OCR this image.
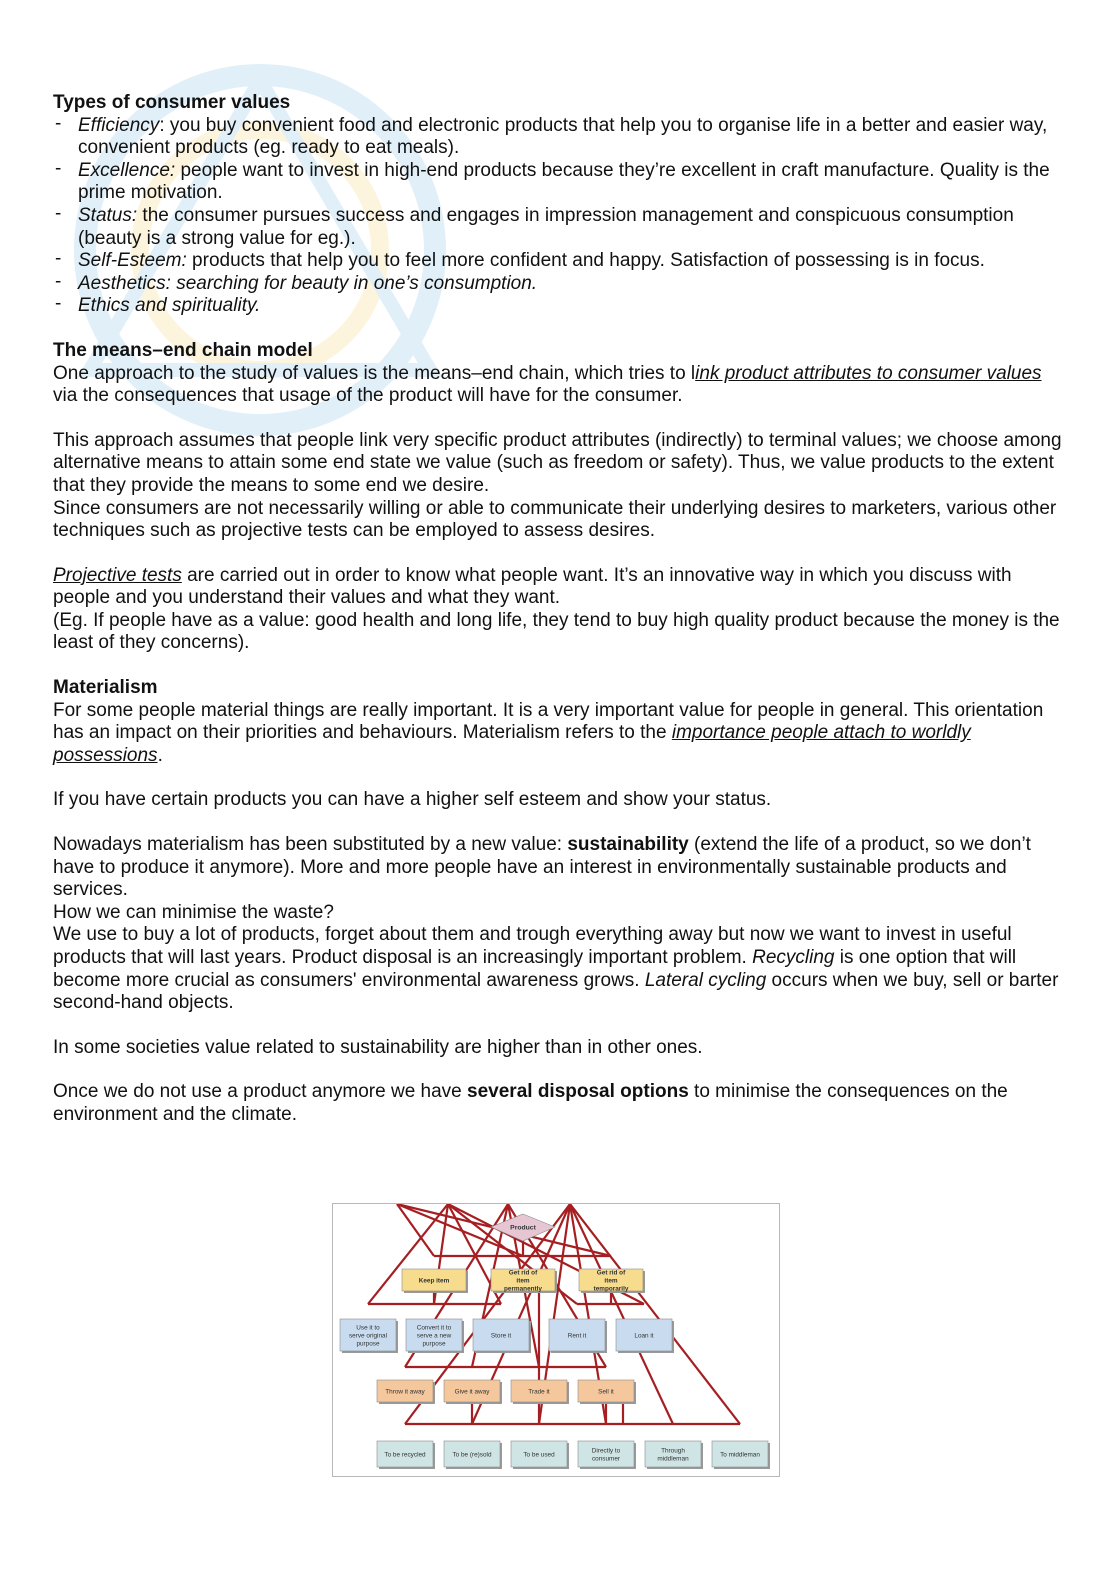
Types of consumer values

- Efficiency: you buy convenient food and electronic products that help you to organise life in a better and easier way, convenient products (eg. ready to eat meals).
- Excellence: people want to invest in high-end products because they’re excellent in craft manufacture. Quality is the prime motivation.
- Status: the consumer pursues success and engages in impression management and conspicuous consumption (beauty is a strong value for eg.).
- Self-Esteem: products that help you to feel more confident and happy. Satisfaction of possessing is in focus.
- Aesthetics: searching for beauty in one’s consumption.
- Ethics and spirituality.

The means–end chain model

One approach to the study of values is the means–end chain, which tries to link product attributes to consumer values via the consequences that usage of the product will have for the consumer.

This approach assumes that people link very specific product attributes (indirectly) to terminal values; we choose among alternative means to attain some end state we value (such as freedom or safety). Thus, we value products to the extent that they provide the means to some end we desire.

Since consumers are not necessarily willing or able to communicate their underlying desires to marketers, various other techniques such as projective tests can be employed to assess desires.

Projective tests are carried out in order to know what people want. It’s an innovative way in which you discuss with people and you understand their values and what they want.

(Eg. If people have as a value: good health and long life, they tend to buy high quality product because the money is the least of they concerns).

Materialism

For some people material things are really important. It is a very important value for people in general. This orientation has an impact on their priorities and behaviours. Materialism refers to the importance people attach to worldly possessions.

If you have certain products you can have a higher self esteem and show your status.

Nowadays materialism has been substituted by a new value: sustainability (extend the life of a product, so we don’t have to produce it anymore). More and more people have an interest in environmentally sustainable products and services.

How we can minimise the waste?

We use to buy a lot of products, forget about them and trough everything away but now we want to invest in useful products that will last years. Product disposal is an increasingly important problem. Recycling is one option that will become more crucial as consumers' environmental awareness grows. Lateral cycling occurs when we buy, sell or barter second-hand objects.

In some societies value related to sustainability are higher than in other ones.

Once we do not use a product anymore we have several disposal options to minimise the consequences on the environment and the climate.

Product
Keep item
Get rid of
item
permanently
Get rid of
item
temporarily
Use it to
serve original
purpose
Convert it to
serve a new
purpose
Store it	Rent it	Loan it
Throw it away	Give it away	Trade it	Sell it
To be recycled	To be (re)sold	To be used
Directly to
consumer
Through
middleman
To middleman
